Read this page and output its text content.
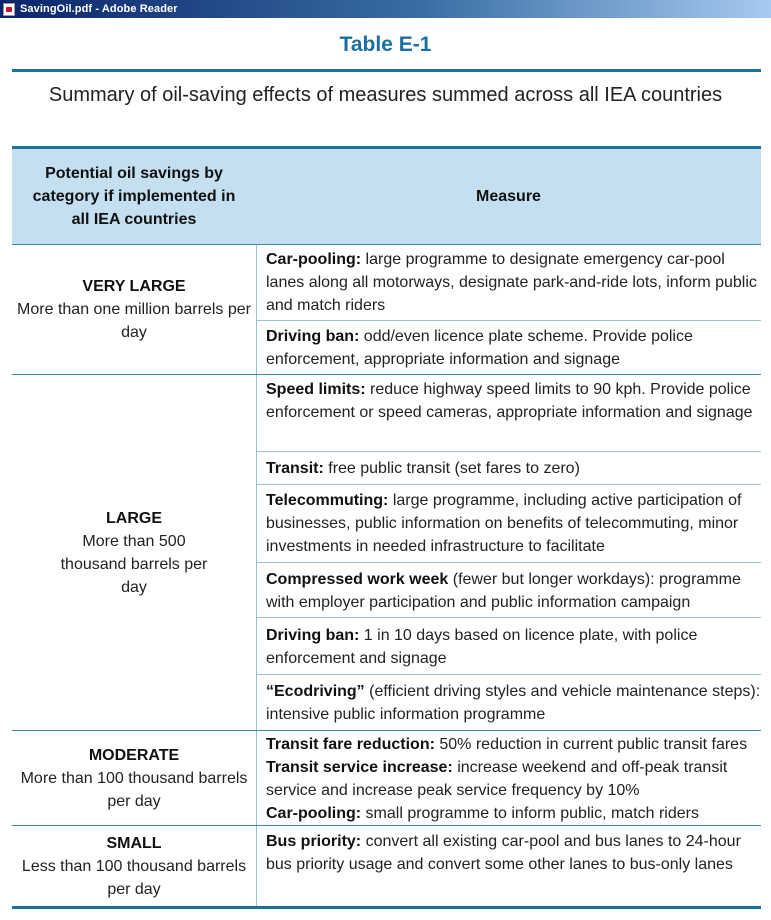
SavingOil.pdf - Adobe Reader
Table E-1
Summary of oil-saving effects of measures summed across all IEA countries
Potential oil savings by category if implemented in all IEA countries
Measure
VERY LARGE
More than one million barrels per day
LARGE
More than 500 thousand barrels per day
MODERATE
More than 100 thousand barrels per day
SMALL
Less than 100 thousand barrels per day
Car-pooling: large programme to designate emergency car-pool lanes along all motorways, designate park-and-ride lots, inform public and match riders
Driving ban: odd/even licence plate scheme. Provide police enforcement, appropriate information and signage
Speed limits: reduce highway speed limits to 90 kph. Provide police enforcement or speed cameras, appropriate information and signage
Transit: free public transit (set fares to zero)
Telecommuting: large programme, including active participation of businesses, public information on benefits of telecommuting, minor investments in needed infrastructure to facilitate
Compressed work week (fewer but longer workdays): programme with employer participation and public information campaign
Driving ban: 1 in 10 days based on licence plate, with police enforcement and signage
“Ecodriving” (efficient driving styles and vehicle maintenance steps): intensive public information programme
Transit fare reduction: 50% reduction in current public transit fares
Transit service increase: increase weekend and off-peak transit service and increase peak service frequency by 10%
Car-pooling: small programme to inform public, match riders
Bus priority: convert all existing car-pool and bus lanes to 24-hour bus priority usage and convert some other lanes to bus-only lanes
